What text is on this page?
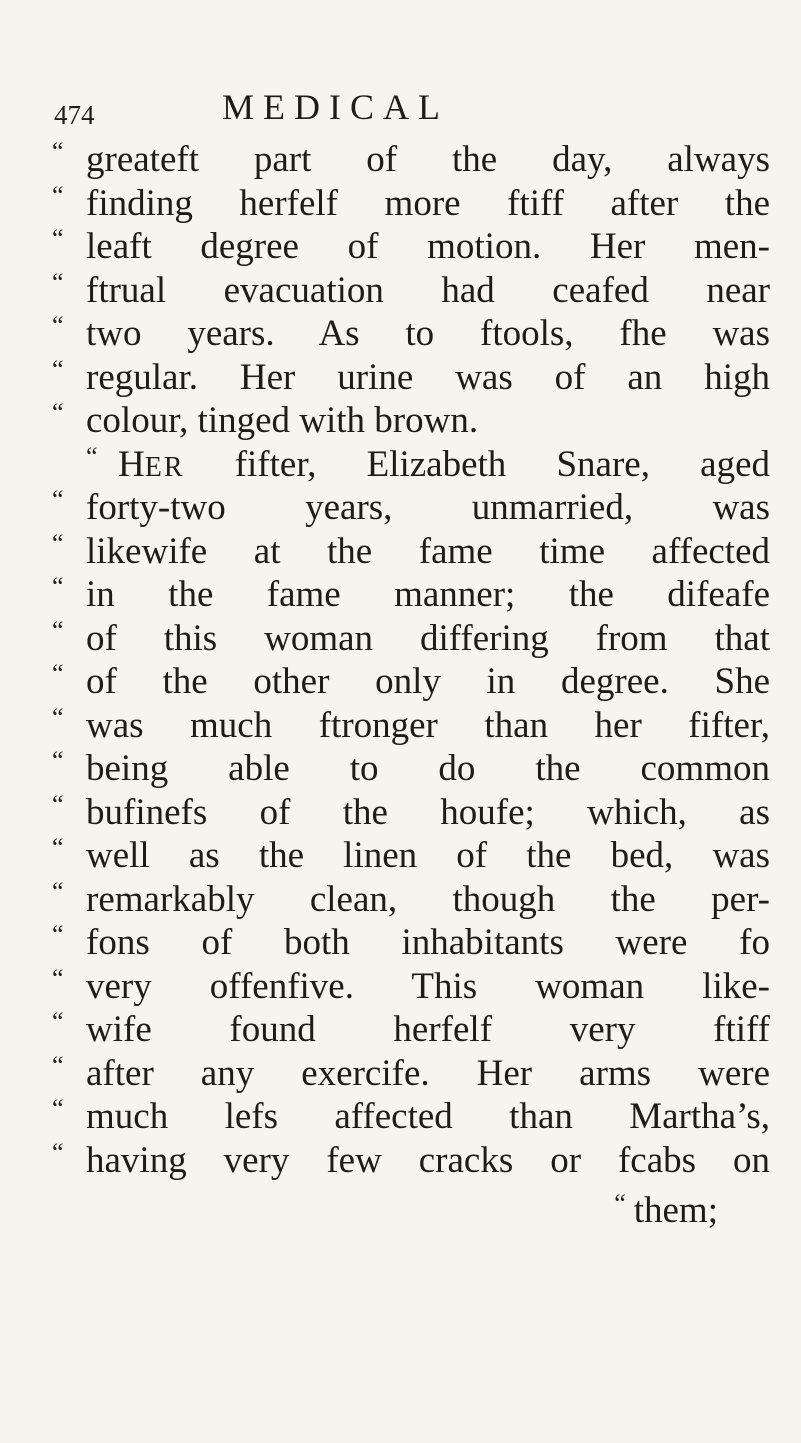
474	MEDICAL
“ greateft part of the day, always
“ finding herfelf more ftiff after the
“ leaft degree of motion. Her men-
“ ftrual evacuation had ceafed near
“ two years. As to ftools, fhe was
“ regular. Her urine was of an high
“ colour, tinged with brown.
“ HER fifter, Elizabeth Snare, aged
“ forty-two years, unmarried, was
“ likewife at the fame time affected
“ in the fame manner; the difeafe
“ of this woman differing from that
“ of the other only in degree. She
“ was much ftronger than her fifter,
“ being able to do the common
“ bufinefs of the houfe; which, as
“ well as the linen of the bed, was
“ remarkably clean, though the per-
“ fons of both inhabitants were fo
“ very offenfive. This woman like-
“ wife found herfelf very ftiff
“ after any exercife. Her arms were
“ much lefs affected than Martha’s,
“ having very few cracks or fcabs on
“ them;
